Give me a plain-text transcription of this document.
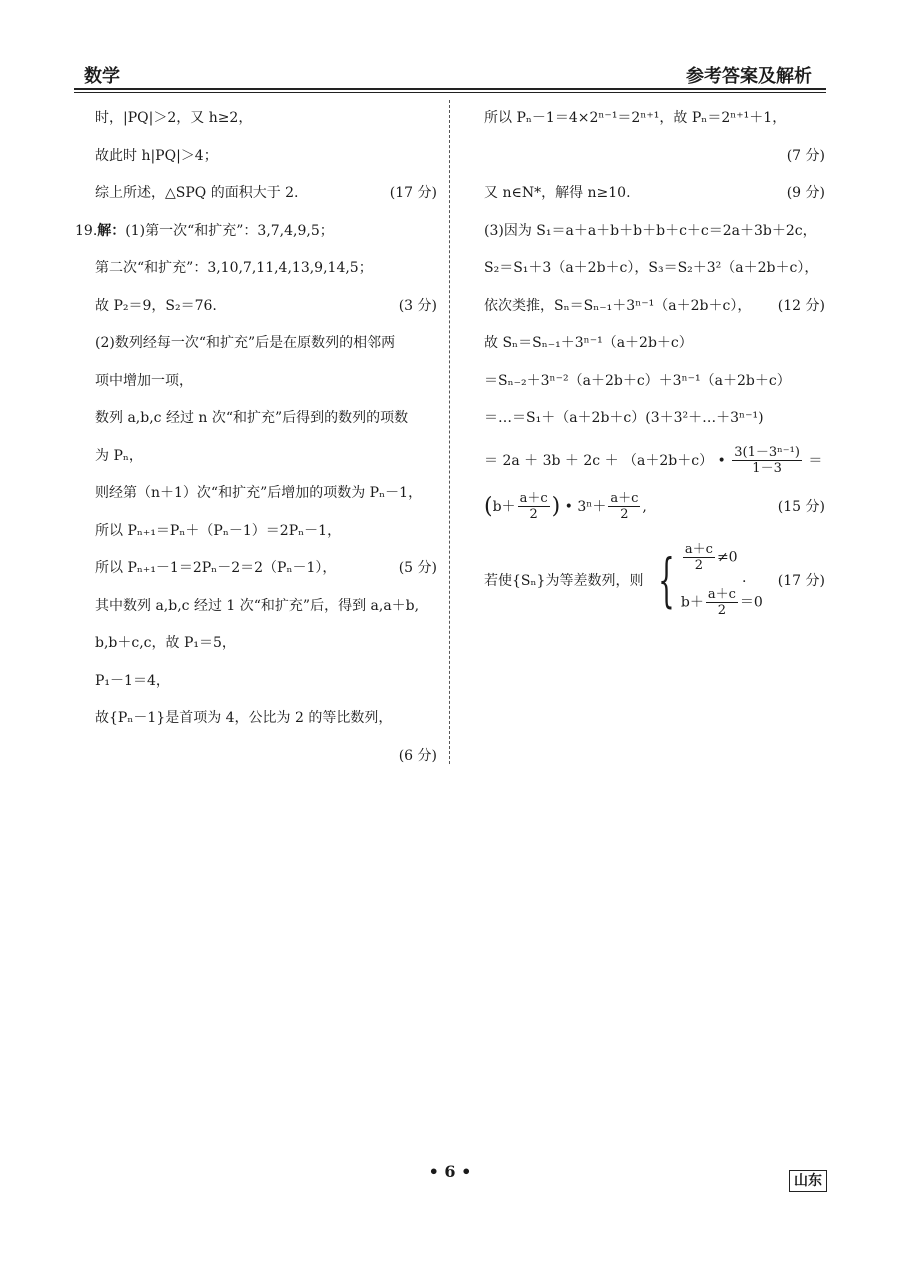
数学	参考答案及解析
时，|PQ|＞2，又 h≥2，
故此时 h|PQ|＞4；
综上所述，△SPQ 的面积大于 2.	(17 分)
19.解：(1)第一次“和扩充”：3,7,4,9,5；
第二次“和扩充”：3,10,7,11,4,13,9,14,5；
故 P₂＝9，S₂＝76.	(3 分)
(2)数列经每一次“和扩充”后是在原数列的相邻两
项中增加一项，
数列 a,b,c 经过 n 次“和扩充”后得到的数列的项数
为 Pₙ，
则经第（n＋1）次“和扩充”后增加的项数为 Pₙ－1，
所以 Pₙ₊₁＝Pₙ＋（Pₙ－1）＝2Pₙ－1，
所以 Pₙ₊₁－1＝2Pₙ－2＝2（Pₙ－1），	(5 分)
其中数列 a,b,c 经过 1 次“和扩充”后，得到 a,a＋b,
b,b＋c,c，故 P₁＝5，
P₁－1＝4，
故{Pₙ－1}是首项为 4，公比为 2 的等比数列，
(6 分)
所以 Pₙ－1＝4×2ⁿ⁻¹＝2ⁿ⁺¹，故 Pₙ＝2ⁿ⁺¹＋1，
(7 分)
又 n∈N*，解得 n≥10.	(9 分)
(3)因为 S₁＝a＋a＋b＋b＋b＋c＋c＝2a＋3b＋2c，
S₂＝S₁＋3（a＋2b＋c），S₃＝S₂＋3²（a＋2b＋c），
依次类推，Sₙ＝Sₙ₋₁＋3ⁿ⁻¹（a＋2b＋c）， (12 分)
故 Sₙ＝Sₙ₋₁＋3ⁿ⁻¹（a＋2b＋c）
＝Sₙ₋₂＋3ⁿ⁻²（a＋2b＋c）＋3ⁿ⁻¹（a＋2b＋c）
＝…＝S₁＋（a＋2b＋c）(3＋3²＋…＋3ⁿ⁻¹)
＝ 2a ＋ 3b ＋ 2c ＋ （a＋2b＋c） • $\frac{\text{3(1－3ⁿ⁻¹)}}{1-3}$ ＝
($b+ \frac{a+c}{2}$ ) • $3^n+ \frac{a+c}{2}$ ,	(15 分)
若使{Sₙ}为等差数列，则 { $\frac{a+c}{2} \ne 0$
$b+ \frac{a+c}{2} =0$
. (17 分)
• 6 •	山东
